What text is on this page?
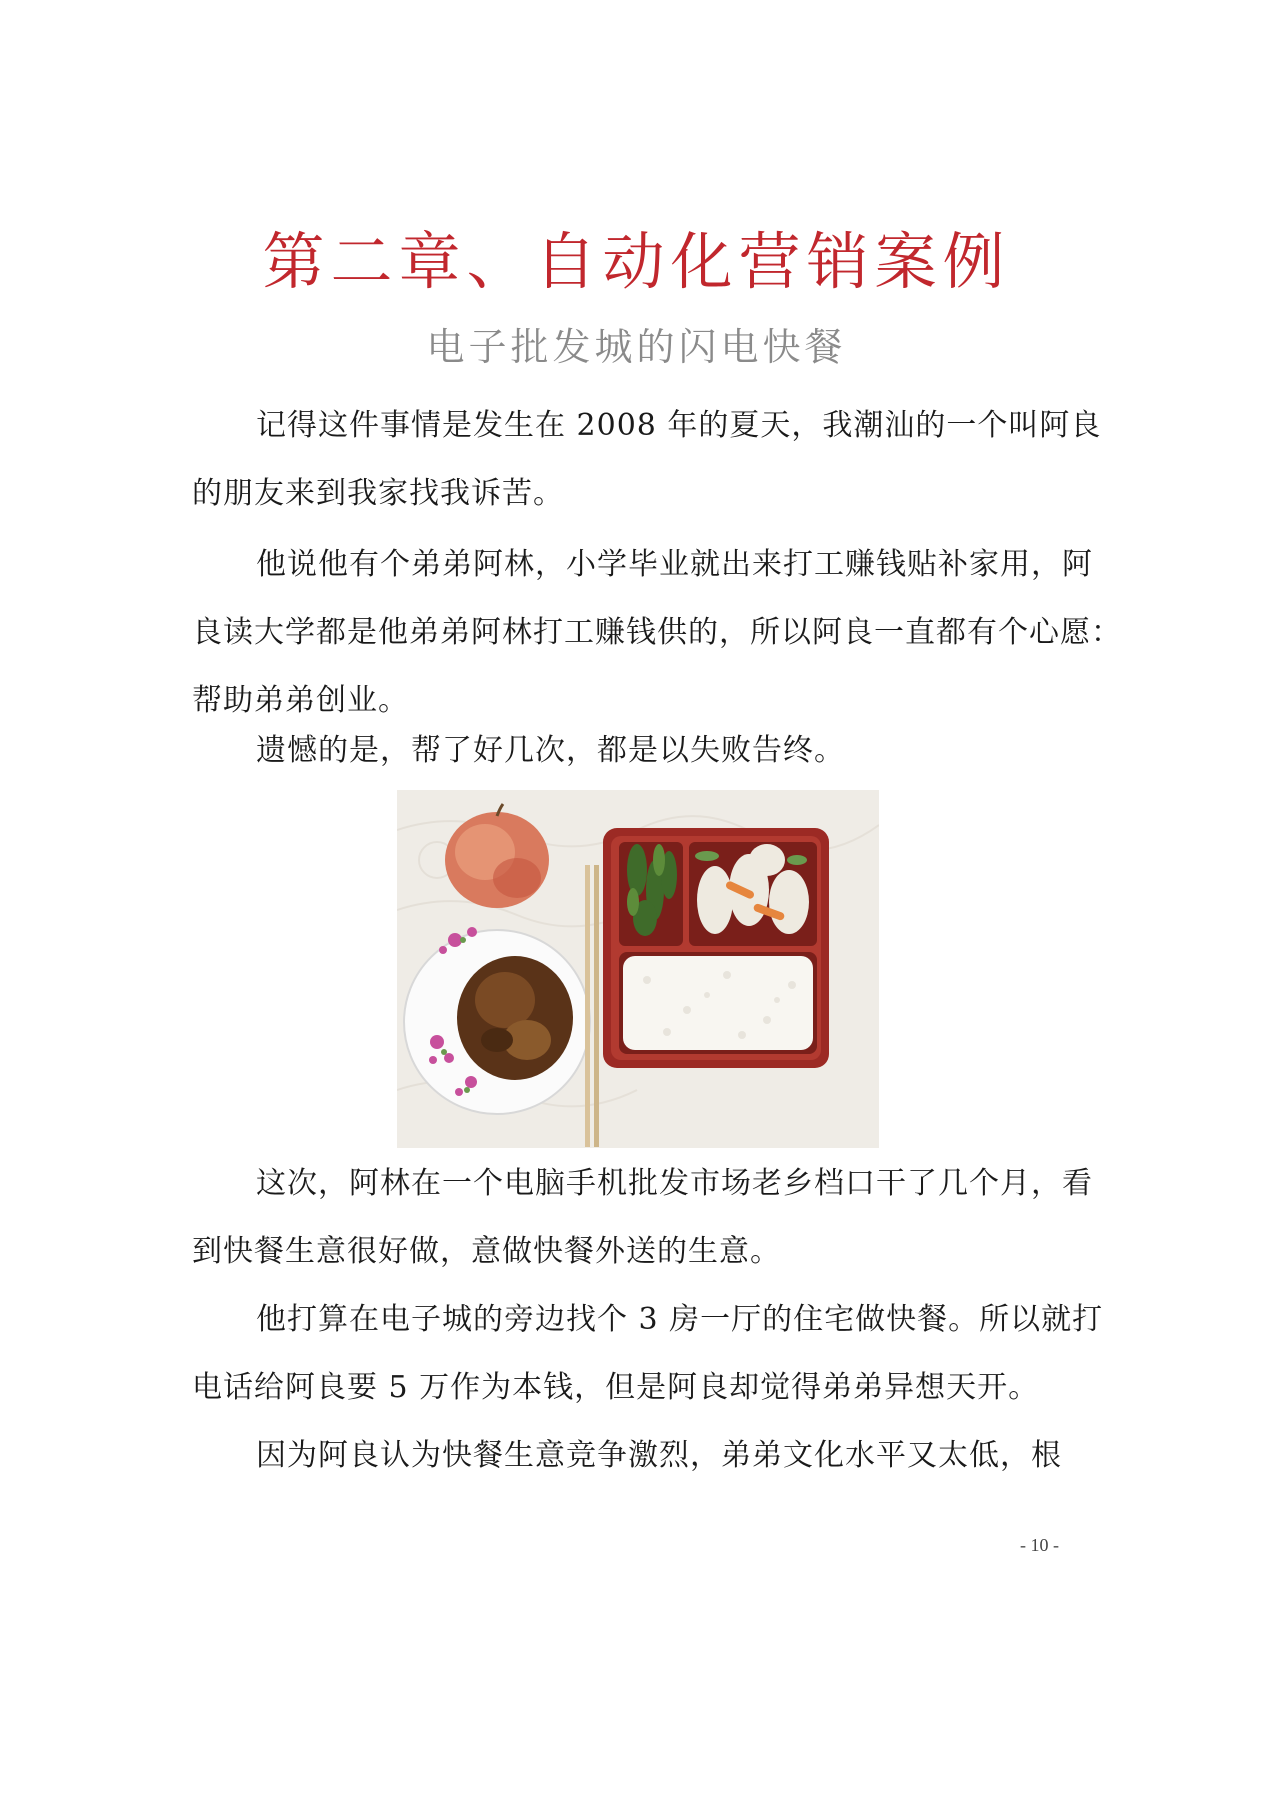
第二章、自动化营销案例
电子批发城的闪电快餐

记得这件事情是发生在 2008 年的夏天，我潮汕的一个叫阿良的朋友来到我家找我诉苦。

他说他有个弟弟阿林，小学毕业就出来打工赚钱贴补家用，阿良读大学都是他弟弟阿林打工赚钱供的，所以阿良一直都有个心愿：帮助弟弟创业。

遗憾的是，帮了好几次，都是以失败告终。

这次，阿林在一个电脑手机批发市场老乡档口干了几个月，看到快餐生意很好做，意做快餐外送的生意。

他打算在电子城的旁边找个 3 房一厅的住宅做快餐。所以就打电话给阿良要 5 万作为本钱，但是阿良却觉得弟弟异想天开。

因为阿良认为快餐生意竞争激烈，弟弟文化水平又太低，根

- 10 -
